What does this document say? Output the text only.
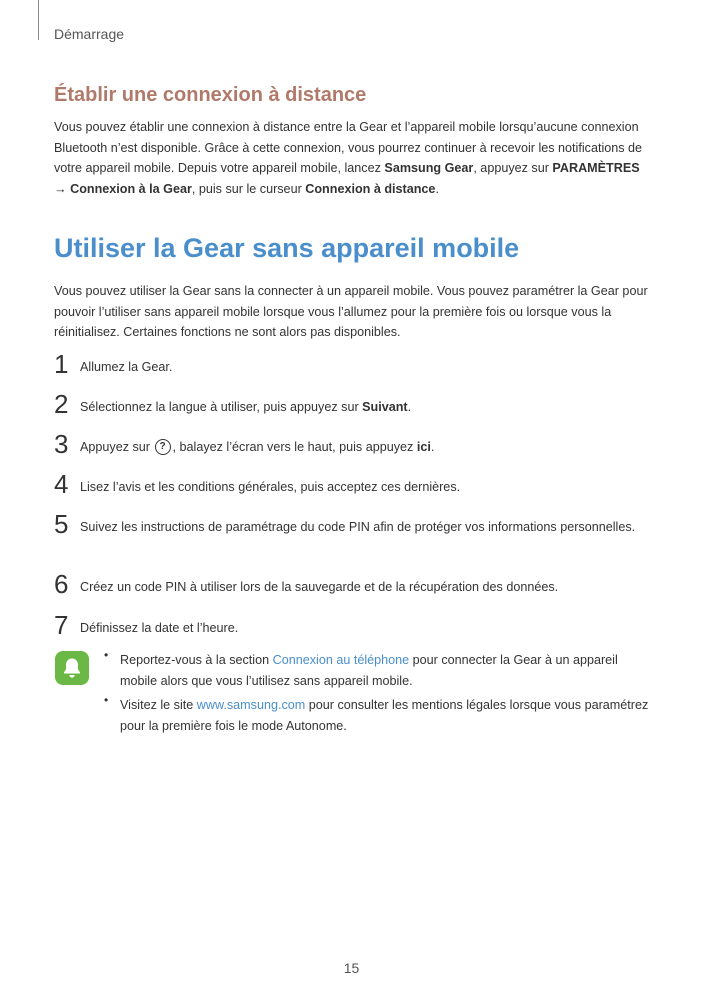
Démarrage
Établir une connexion à distance

Vous pouvez établir une connexion à distance entre la Gear et l’appareil mobile lorsqu’aucune connexion Bluetooth n’est disponible. Grâce à cette connexion, vous pourrez continuer à recevoir les notifications de votre appareil mobile. Depuis votre appareil mobile, lancez Samsung Gear, appuyez sur PARAMÈTRES → Connexion à la Gear, puis sur le curseur Connexion à distance.

Utiliser la Gear sans appareil mobile

Vous pouvez utiliser la Gear sans la connecter à un appareil mobile. Vous pouvez paramétrer la Gear pour pouvoir l’utiliser sans appareil mobile lorsque vous l’allumez pour la première fois ou lorsque vous la réinitialisez. Certaines fonctions ne sont alors pas disponibles.

1 Allumez la Gear.
2 Sélectionnez la langue à utiliser, puis appuyez sur Suivant.
3 Appuyez sur ? , balayez l’écran vers le haut, puis appuyez ici.
4 Lisez l’avis et les conditions générales, puis acceptez ces dernières.
5 Suivez les instructions de paramétrage du code PIN afin de protéger vos informations personnelles.
6 Créez un code PIN à utiliser lors de la sauvegarde et de la récupération des données.
7 Définissez la date et l’heure.
• Reportez-vous à la section Connexion au téléphone pour connecter la Gear à un appareil mobile alors que vous l’utilisez sans appareil mobile.
• Visitez le site www.samsung.com pour consulter les mentions légales lorsque vous paramétrez pour la première fois le mode Autonome.
15
